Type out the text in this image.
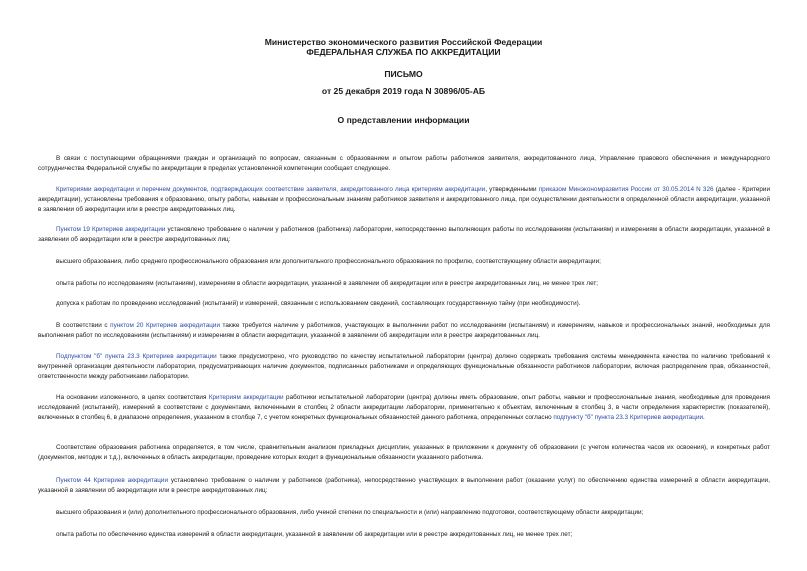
Министерство экономического развития Российской Федерации
ФЕДЕРАЛЬНАЯ СЛУЖБА ПО АККРЕДИТАЦИИ
ПИСЬМО
от 25 декабря 2019 года N 30896/05-АБ
О представлении информации

В связи с поступающими обращениями граждан и организаций по вопросам, связанным с образованием и опытом работы работников заявителя, аккредитованного лица, Управление правового обеспечения и международного сотрудничества Федеральной службы по аккредитации в пределах установленной компетенции сообщает следующее.

Критериями аккредитации и перечнем документов, подтверждающих соответствие заявителя, аккредитованного лица критериям аккредитации, утвержденными приказом Минэкономразвития России от 30.05.2014 N 326 (далее - Критерии аккредитации), установлены требования к образованию, опыту работы, навыкам и профессиональным знаниям работников заявителя и аккредитованного лица, при осуществлении деятельности в определенной области аккредитации, указанной в заявлении об аккредитации или в реестре аккредитованных лиц.

Пунктом 19 Критериев аккредитации установлено требование о наличии у работников (работника) лаборатории, непосредственно выполняющих работы по исследованиям (испытаниям) и измерениям в области аккредитации, указанной в заявлении об аккредитации или в реестре аккредитованных лиц:

высшего образования, либо среднего профессионального образования или дополнительного профессионального образования по профилю, соответствующему области аккредитации;

опыта работы по исследованиям (испытаниям), измерениям в области аккредитации, указанной в заявлении об аккредитации или в реестре аккредитованных лиц, не менее трех лет;

допуска к работам по проведению исследований (испытаний) и измерений, связанным с использованием сведений, составляющих государственную тайну (при необходимости).

В соответствии с пунктом 20 Критериев аккредитации также требуется наличие у работников, участвующих в выполнении работ по исследованиям (испытаниям) и измерениям, навыков и профессиональных знаний, необходимых для выполнения работ по исследованиям (испытаниям) и измерениям в области аккредитации, указанной в заявлении об аккредитации или в реестре аккредитованных лиц.

Подпунктом "б" пункта 23.3 Критериев аккредитации также предусмотрено, что руководство по качеству испытательной лаборатории (центра) должно содержать требования системы менеджмента качества по наличию требований к внутренней организации деятельности лаборатории, предусматривающих наличие документов, подписанных работниками и определяющих функциональные обязанности работников лаборатории, включая распределение прав, обязанностей, ответственности между работниками лаборатории.

На основании изложенного, в целях соответствия Критериям аккредитации работники испытательной лаборатории (центра) должны иметь образование, опыт работы, навыки и профессиональные знания, необходимые для проведения исследований (испытаний), измерений в соответствии с документами, включенными в столбец 2 области аккредитации лаборатории, применительно к объектам, включенным в столбец 3, в части определения характеристик (показателей), включенных в столбец 6, в диапазоне определения, указанном в столбце 7, с учетом конкретных функциональных обязанностей данного работника, определенных согласно подпункту "б" пункта 23.3 Критериев аккредитации.

Соответствие образования работника определяется, в том числе, сравнительным анализом прикладных дисциплин, указанных в приложении к документу об образовании (с учетом количества часов их освоения), и конкретных работ (документов, методик и т.д.), включенных в область аккредитации, проведение которых входит в функциональные обязанности указанного работника.

Пунктом 44 Критериев аккредитации установлено требование о наличии у работников (работника), непосредственно участвующих в выполнении работ (оказании услуг) по обеспечению единства измерений в области аккредитации, указанной в заявлении об аккредитации или в реестре аккредитованных лиц:

высшего образования и (или) дополнительного профессионального образования, либо ученой степени по специальности и (или) направлению подготовки, соответствующему области аккредитации;

опыта работы по обеспечению единства измерений в области аккредитации, указанной в заявлении об аккредитации или в реестре аккредитованных лиц, не менее трех лет;
